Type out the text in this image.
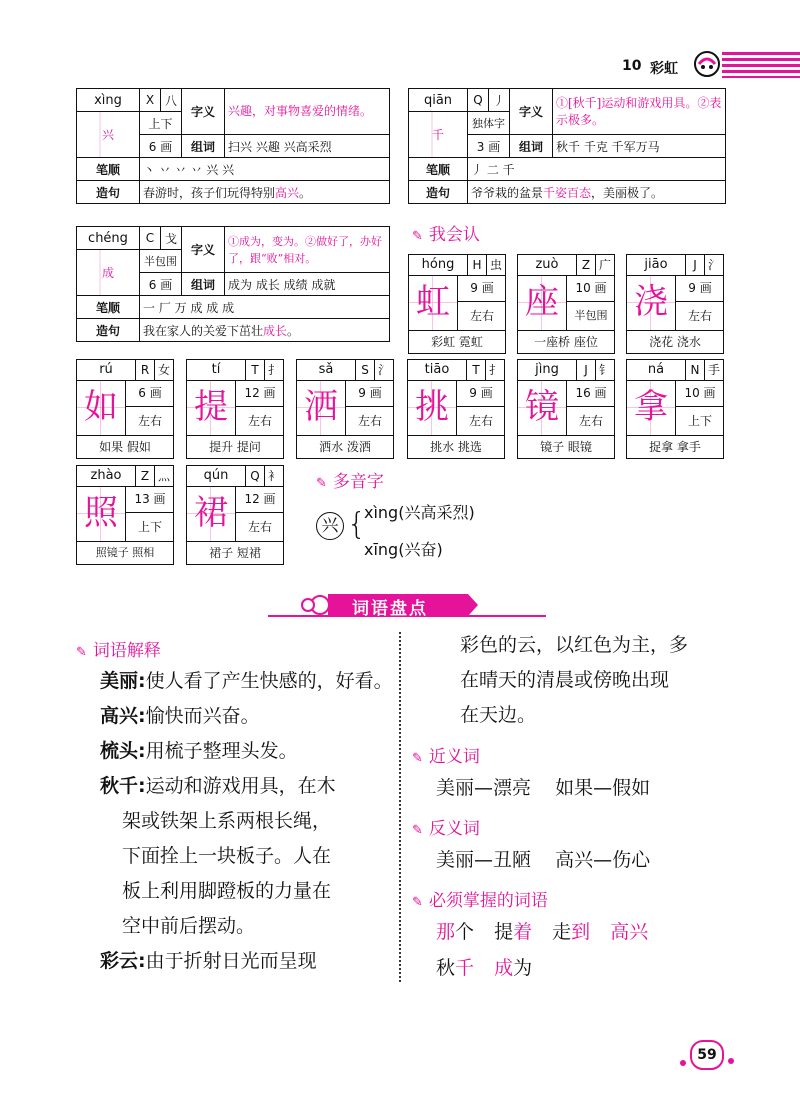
10 彩虹
xìng	X	八	字义	兴趣，对事物喜爱的情绪。
兴	上下			
	6 画		组词	扫兴 兴趣 兴高采烈
笔顺	丶 丷 丷 丷 兴 兴			
造句	春游时，孩子们玩得特别高兴。			
qiān	Q	丿	字义	①[秋千]运动和游戏用具。②表示极多。
千	独体字			
	3 画		组词	秋千 千克 千军万马
笔顺	丿 二 千			
造句	爷爷栽的盆景千姿百态，美丽极了。			
chéng	C	戈	字义	①成为，变为。②做好了，办好了，跟“败”相对。
成	半包围			
	6 画		组词	成为 成长 成绩 成就
笔顺	一 厂 万 成 成 成			
造句	我在家人的关爱下茁壮成长。			
✎ 我会认
hóng	H 虫
虹	9 画
左右
彩虹 霓虹
zuò	Z 广
座	10 画
半包围
一座桥 座位
jiāo	J 氵
浇	9 画
左右
浇花 浇水
rú	R 女
如	6 画
左右
如果 假如
tí	T 扌
提	12 画
左右
提升 提问
sǎ	S 氵
洒	9 画
左右
洒水 泼洒
tiāo	T 扌
挑	9 画
左右
挑水 挑选
jìng	J 钅
镜	16 画
左右
镜子 眼镜
ná	N 手
拿	10 画
上下
捉拿 拿手
zhào	Z 灬
照	13 画
上下
照镜子 照相
qún	Q 衤
裙	12 画
左右
裙子 短裙
✎ 多音字
兴 {
xìng(兴高采烈)
xīng(兴奋)
词语盘点
✎ 词语解释
美丽:使人看了产生快感的，好看。
高兴:愉快而兴奋。
梳头:用梳子整理头发。
秋千:运动和游戏用具，在木
架或铁架上系两根长绳，
下面拴上一块板子。人在
板上利用脚蹬板的力量在
空中前后摆动。
彩云:由于折射日光而呈现
彩色的云，以红色为主，多
在晴天的清晨或傍晚出现
在天边。
✎ 近义词
美丽—漂亮    如果—假如
✎ 反义词
美丽—丑陋    高兴—伤心
✎ 必须掌握的词语
那个 提着 走到 高兴
秋千 成为
59
